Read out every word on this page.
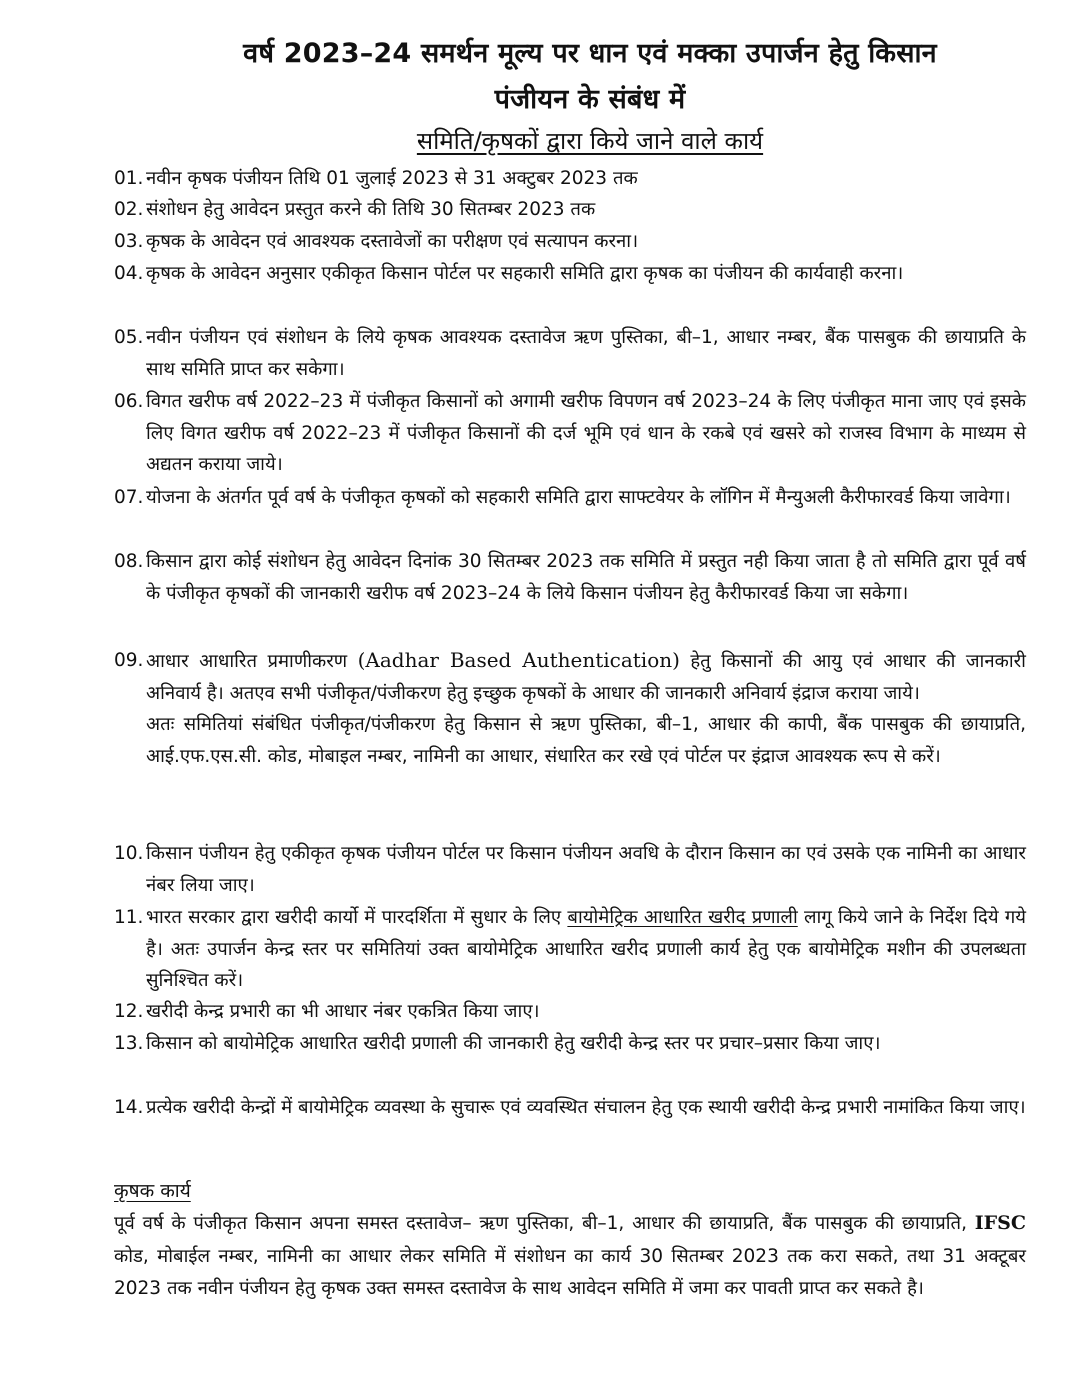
वर्ष 2023–24 समर्थन मूल्य पर धान एवं मक्का उपार्जन हेतु किसान
पंजीयन के संबंध में
समिति/कृषकों द्वारा किये जाने वाले कार्य
01. नवीन कृषक पंजीयन तिथि 01 जुलाई 2023 से 31 अक्टुबर 2023 तक
02. संशोधन हेतु आवेदन प्रस्तुत करने की तिथि 30 सितम्बर 2023 तक
03. कृषक के आवेदन एवं आवश्यक दस्तावेजों का परीक्षण एवं सत्यापन करना।
04. कृषक के आवेदन अनुसार एकीकृत किसान पोर्टल पर सहकारी समिति द्वारा कृषक का पंजीयन की कार्यवाही करना।
05. नवीन पंजीयन एवं संशोधन के लिये कृषक आवश्यक दस्तावेज ऋण पुस्तिका, बी–1, आधार नम्बर, बैंक पासबुक की छायाप्रति के साथ समिति प्राप्त कर सकेगा।
06. विगत खरीफ वर्ष 2022–23 में पंजीकृत किसानों को अगामी खरीफ विपणन वर्ष 2023–24 के लिए पंजीकृत माना जाए एवं इसके लिए विगत खरीफ वर्ष 2022–23 में पंजीकृत किसानों की दर्ज भूमि एवं धान के रकबे एवं खसरे को राजस्व विभाग के माध्यम से अद्यतन कराया जाये।
07. योजना के अंतर्गत पूर्व वर्ष के पंजीकृत कृषकों को सहकारी समिति द्वारा साफ्टवेयर के लॉगिन में मैन्युअली कैरीफारवर्ड किया जावेगा।
08. किसान द्वारा कोई संशोधन हेतु आवेदन दिनांक 30 सितम्बर 2023 तक समिति में प्रस्तुत नही किया जाता है तो समिति द्वारा पूर्व वर्ष के पंजीकृत कृषकों की जानकारी खरीफ वर्ष 2023–24 के लिये किसान पंजीयन हेतु कैरीफारवर्ड किया जा सकेगा।
09. आधार आधारित प्रमाणीकरण (Aadhar Based Authentication) हेतु किसानों की आयु एवं आधार की जानकारी अनिवार्य है। अतएव सभी पंजीकृत/पंजीकरण हेतु इच्छुक कृषकों के आधार की जानकारी अनिवार्य इंद्राज कराया जाये।
अतः समितियां संबंधित पंजीकृत/पंजीकरण हेतु किसान से ऋण पुस्तिका, बी–1, आधार की कापी, बैंक पासबुक की छायाप्रति, आई.एफ.एस.सी. कोड, मोबाइल नम्बर, नामिनी का आधार, संधारित कर रखे एवं पोर्टल पर इंद्राज आवश्यक रूप से करें।
10. किसान पंजीयन हेतु एकीकृत कृषक पंजीयन पोर्टल पर किसान पंजीयन अवधि के दौरान किसान का एवं उसके एक नामिनी का आधार नंबर लिया जाए।
11. भारत सरकार द्वारा खरीदी कार्यो में पारदर्शिता में सुधार के लिए बायोमेट्रिक आधारित खरीद प्रणाली लागू किये जाने के निर्देश दिये गये है। अतः उपार्जन केन्द्र स्तर पर समितियां उक्त बायोमेट्रिक आधारित खरीद प्रणाली कार्य हेतु एक बायोमेट्रिक मशीन की उपलब्धता सुनिश्चित करें।
12. खरीदी केन्द्र प्रभारी का भी आधार नंबर एकत्रित किया जाए।
13. किसान को बायोमेट्रिक आधारित खरीदी प्रणाली की जानकारी हेतु खरीदी केन्द्र स्तर पर प्रचार–प्रसार किया जाए।
14. प्रत्येक खरीदी केन्द्रों में बायोमेट्रिक व्यवस्था के सुचारू एवं व्यवस्थित संचालन हेतु एक स्थायी खरीदी केन्द्र प्रभारी नामांकित किया जाए।
कृषक कार्य
पूर्व वर्ष के पंजीकृत किसान अपना समस्त दस्तावेज– ऋण पुस्तिका, बी–1, आधार की छायाप्रति, बैंक पासबुक की छायाप्रति, IFSC कोड, मोबाईल नम्बर, नामिनी का आधार लेकर समिति में संशोधन का कार्य 30 सितम्बर 2023 तक करा सकते, तथा 31 अक्टूबर 2023 तक नवीन पंजीयन हेतु कृषक उक्त समस्त दस्तावेज के साथ आवेदन समिति में जमा कर पावती प्राप्त कर सकते है।
